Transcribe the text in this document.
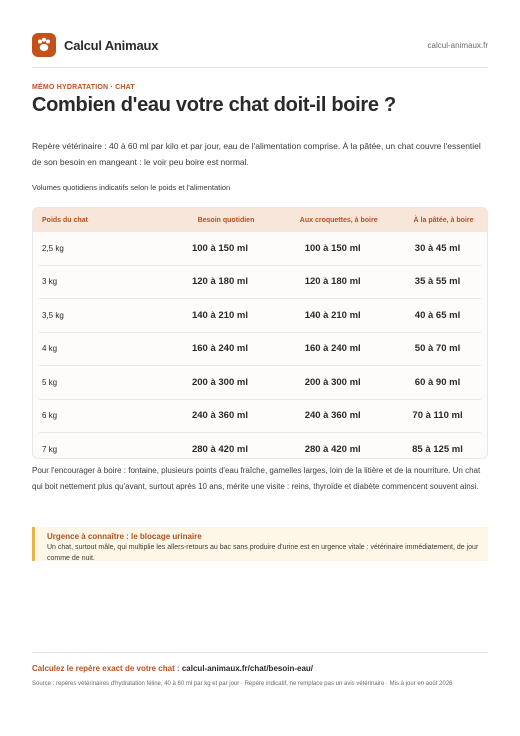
Calcul Animaux	calcul-animaux.fr
MÉMO HYDRATATION · CHAT
Combien d'eau votre chat doit-il boire ?

Repère vétérinaire : 40 à 60 ml par kilo et par jour, eau de l'alimentation comprise. À la pâtée, un chat couvre l'essentiel de son besoin en mangeant : le voir peu boire est normal.

Volumes quotidiens indicatifs selon le poids et l'alimentation

Poids du chat	Besoin quotidien	Aux croquettes, à boire	À la pâtée, à boire
2,5 kg	100 à 150 ml	100 à 150 ml	30 à 45 ml
3 kg	120 à 180 ml	120 à 180 ml	35 à 55 ml
3,5 kg	140 à 210 ml	140 à 210 ml	40 à 65 ml
4 kg	160 à 240 ml	160 à 240 ml	50 à 70 ml
5 kg	200 à 300 ml	200 à 300 ml	60 à 90 ml
6 kg	240 à 360 ml	240 à 360 ml	70 à 110 ml
7 kg	280 à 420 ml	280 à 420 ml	85 à 125 ml

Pour l'encourager à boire : fontaine, plusieurs points d'eau fraîche, gamelles larges, loin de la litière et de la nourriture. Un chat qui boit nettement plus qu'avant, surtout après 10 ans, mérite une visite : reins, thyroïde et diabète commencent souvent ainsi.

Urgence à connaître : le blocage urinaire

Un chat, surtout mâle, qui multiplie les allers-retours au bac sans produire d'urine est en urgence vitale : vétérinaire immédiatement, de jour comme de nuit.

Calculez le repère exact de votre chat : calcul-animaux.fr/chat/besoin-eau/
Source : repères vétérinaires d'hydratation féline, 40 à 60 ml par kg et par jour · Repère indicatif, ne remplace pas un avis vétérinaire · Mis à jour en août 2026
